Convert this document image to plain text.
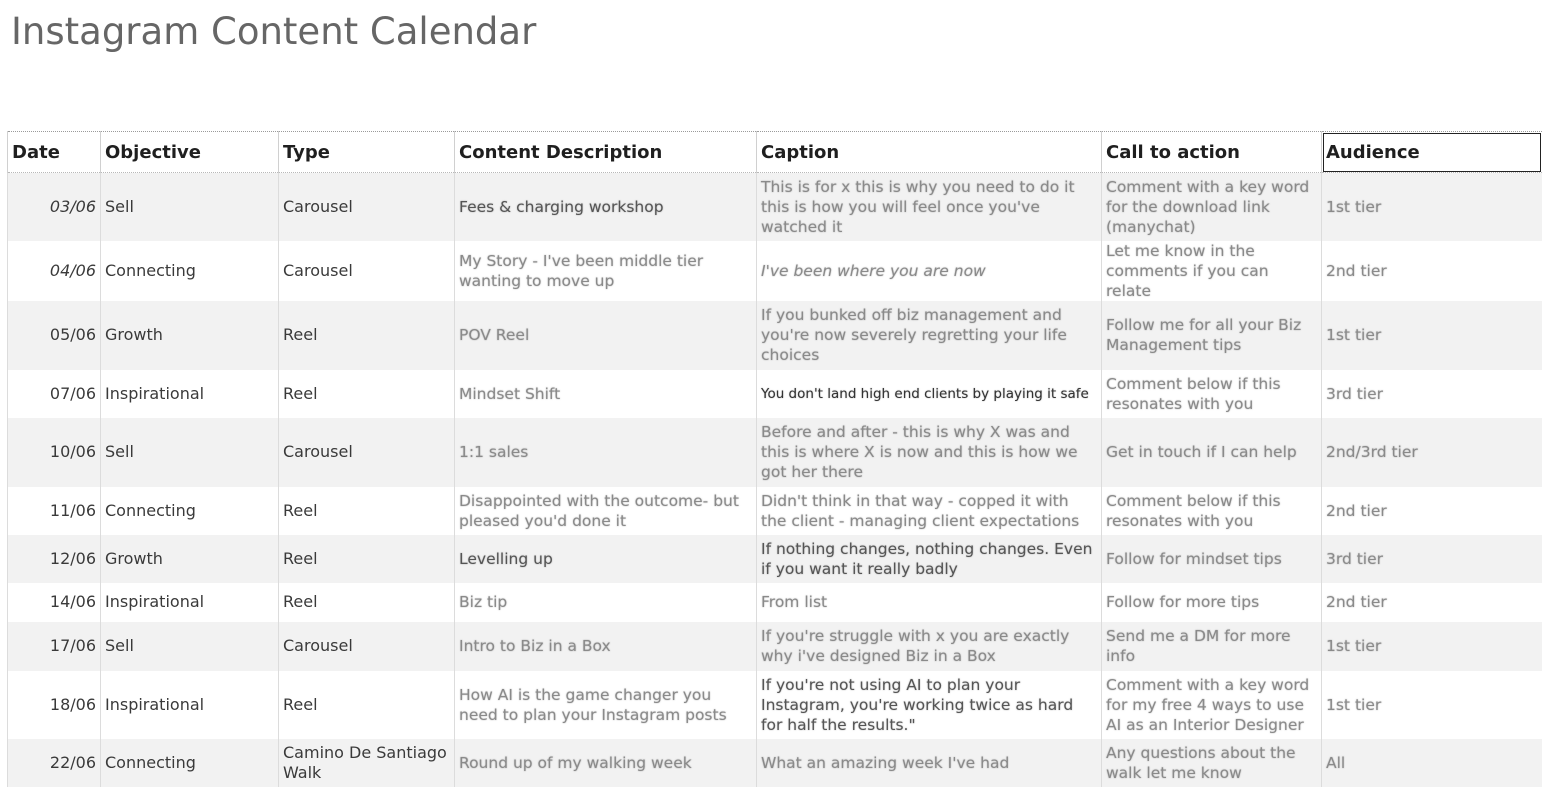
Instagram Content Calendar
Date	Objective	Type	Content Description	Caption	Call to action	Audience
03/06	Sell	Carousel	Fees & charging workshop	This is for x this is why you need to do it this is how you will feel once you've watched it	Comment with a key word for the download link (manychat)	1st tier
04/06	Connecting	Carousel	My Story - I've been middle tier wanting to move up	I've been where you are now	Let me know in the comments if you can relate	2nd tier
05/06	Growth	Reel	POV Reel	If you bunked off biz management and you're now severely regretting your life choices	Follow me for all your Biz Management tips	1st tier
07/06	Inspirational	Reel	Mindset Shift	You don't land high end clients by playing it safe	Comment below if this resonates with you	3rd tier
10/06	Sell	Carousel	1:1 sales	Before and after - this is why X was and this is where X is now and this is how we got her there	Get in touch if I can help	2nd/3rd tier
11/06	Connecting	Reel	Disappointed with the outcome- but pleased you'd done it	Didn't think in that way - copped it with the client - managing client expectations	Comment below if this resonates with you	2nd tier
12/06	Growth	Reel	Levelling up	If nothing changes, nothing changes. Even if you want it really badly	Follow for mindset tips	3rd tier
14/06	Inspirational	Reel	Biz tip	From list	Follow for more tips	2nd tier
17/06	Sell	Carousel	Intro to Biz in a Box	If you're struggle with x you are exactly why i've designed Biz in a Box	Send me a DM for more info	1st tier
18/06	Inspirational	Reel	How AI is the game changer you need to plan your Instagram posts	If you're not using AI to plan your Instagram, you're working twice as hard for half the results."	Comment with a key word for my free 4 ways to use AI as an Interior Designer	1st tier
22/06	Connecting	Camino De Santiago Walk	Round up of my walking week	What an amazing week I've had	Any questions about the walk let me know	All
